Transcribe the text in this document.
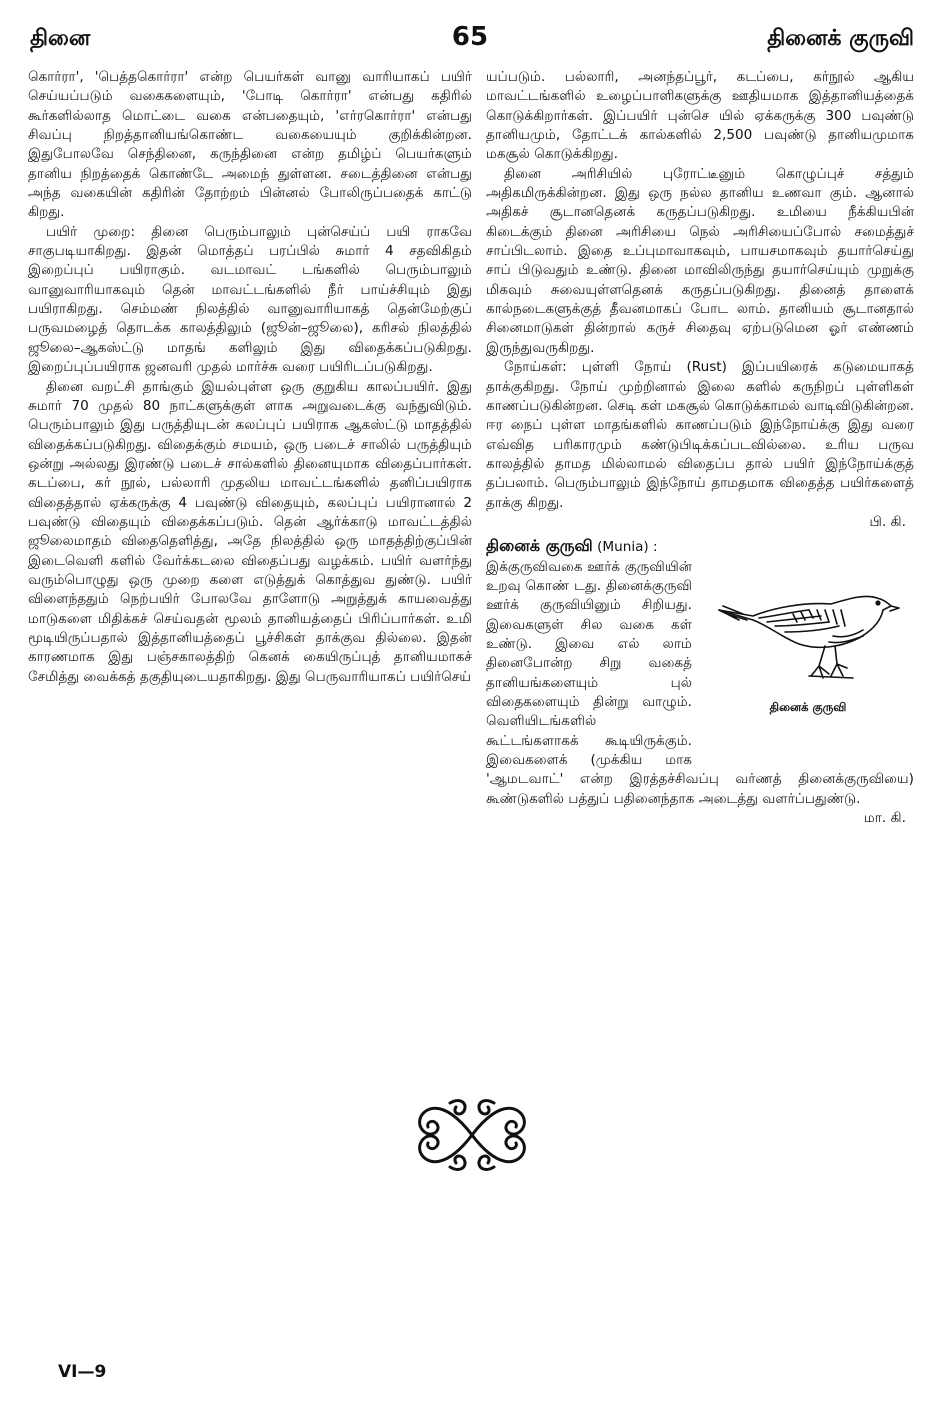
தினை	65	தினைக் குருவி

கொர்ரா', 'பெத்தகொர்ரா' என்ற பெயர்கள் வானு வாரியாகப் பயிர் செய்யப்படும் வகைகளையும், 'போடி கொர்ரா' என்பது கதிரில் கூர்களில்லாத மொட்டை வகை என்பதையும், 'எர்ரகொர்ரா' என்பது சிவப்பு நிறத்தானியங்கொண்ட வகையையும் குறிக்கின்றன. இதுபோலவே செந்தினை, கருந்தினை என்ற தமிழ்ப் பெயர்களும் தானிய நிறத்தைக் கொண்டே அமைந் துள்ளன. சடைத்தினை என்பது அந்த வகையின் கதிரின் தோற்றம் பின்னல் போலிருப்பதைக் காட்டு கிறது.

பயிர் முறை: தினை பெரும்பாலும் புன்செய்ப் பயி ராகவே சாகுபடியாகிறது. இதன் மொத்தப் பரப்பில் சுமார் 4 சதவிகிதம் இறைப்புப் பயிராகும். வடமாவட் டங்களில் பெரும்பாலும் வானுவாரியாகவும் தென் மாவட்டங்களில் நீர் பாய்ச்சியும் இது பயிராகிறது. செம்மண் நிலத்தில் வானுவாரியாகத் தென்மேற்குப் பருவமழைத் தொடக்க காலத்திலும் (ஜூன்–ஜூலை), கரிசல் நிலத்தில் ஜூலை–ஆகஸ்ட்டு மாதங் களிலும் இது விதைக்கப்படுகிறது. இறைப்புப்பயிராக ஜனவரி முதல் மார்ச்சு வரை பயிரிடப்படுகிறது.

தினை வறட்சி தாங்கும் இயல்புள்ள ஒரு குறுகிய காலப்பயிர். இது சுமார் 70 முதல் 80 நாட்களுக்குள் ளாக அறுவடைக்கு வந்துவிடும். பெரும்பாலும் இது பருத்தியுடன் கலப்புப் பயிராக ஆகஸ்ட்டு மாதத்தில் விதைக்கப்படுகிறது. விதைக்கும் சமயம், ஒரு படைச் சாலில் பருத்தியும் ஒன்று அல்லது இரண்டு படைச் சால்களில் தினையுமாக விதைப்பார்கள். கடப்பை, கர் நூல், பல்லாரி முதலிய மாவட்டங்களில் தனிப்பயிராக விதைத்தால் ஏக்கருக்கு 4 பவுண்டு விதையும், கலப்புப் பயிரானால் 2 பவுண்டு விதையும் விதைக்கப்படும். தென் ஆர்க்காடு மாவட்டத்தில் ஜூலைமாதம் விதைதெளித்து, அதே நிலத்தில் ஒரு மாதத்திற்குப்பின் இடைவெளி களில் வேர்க்கடலை விதைப்பது வழக்கம். பயிர் வளர்ந்து வரும்பொழுது ஒரு முறை களை எடுத்துக் கொத்துவ துண்டு. பயிர் விளைந்ததும் நெற்பயிர் போலவே தாளோடு அறுத்துக் காயவைத்து மாடுகளை மிதிக்கச் செய்வதன் மூலம் தானியத்தைப் பிரிப்பார்கள். உமி மூடியிருப்பதால் இத்தானியத்தைப் பூச்சிகள் தாக்குவ தில்லை. இதன் காரணமாக இது பஞ்சகாலத்திற் கெனக் கையிருப்புத் தானியமாகச் சேமித்து வைக்கத் தகுதியுடையதாகிறது. இது பெருவாரியாகப் பயிர்செய்

யப்படும். பல்லாரி, அனந்தப்பூர், கடப்பை, கர்நூல் ஆகிய மாவட்டங்களில் உழைப்பாளிகளுக்கு ஊதியமாக இத்தானியத்தைக் கொடுக்கிறார்கள். இப்பயிர் புன்செ யில் ஏக்கருக்கு 300 பவுண்டு தானியமும், தோட்டக் கால்களில் 2,500 பவுண்டு தானியமுமாக மகசூல் கொடுக்கிறது.

தினை அரிசியில் புரோட்டீனும் கொழுப்புச் சத்தும் அதிகமிருக்கின்றன. இது ஒரு நல்ல தானிய உணவா கும். ஆனால் அதிகச் சூடானதெனக் கருதப்படுகிறது. உமியை நீக்கியபின் கிடைக்கும் தினை அரிசியை நெல் அரிசியைப்போல் சமைத்துச் சாப்பிடலாம். இதை உப்புமாவாகவும், பாயசமாகவும் தயார்செய்து சாப் பிடுவதும் உண்டு. தினை மாவிலிருந்து தயார்செய்யும் முறுக்கு மிகவும் சுவையுள்ளதெனக் கருதப்படுகிறது. தினைத் தாளைக் கால்நடைகளுக்குத் தீவனமாகப் போட லாம். தானியம் சூடானதால் சினைமாடுகள் தின்றால் கருச் சிதைவு ஏற்படுமென ஓர் எண்ணம் இருந்துவருகிறது.

நோய்கள்: புள்ளி நோய் (Rust) இப்பயிரைக் கடுமையாகத் தாக்குகிறது. நோய் முற்றினால் இலை களில் கருநிறப் புள்ளிகள் காணப்படுகின்றன. செடி கள் மகசூல் கொடுக்காமல் வாடிவிடுகின்றன. ஈர நைப் புள்ள மாதங்களில் காணப்படும் இந்நோய்க்கு இது வரை எவ்வித பரிகாரமும் கண்டுபிடிக்கப்படவில்லை. உரிய பருவ காலத்தில் தாமத மில்லாமல் விதைப்ப தால் பயிர் இந்நோய்க்குத் தப்பலாம். பெரும்பாலும் இந்நோய் தாமதமாக விதைத்த பயிர்களைத் தாக்கு கிறது.
பி. கி.

தினைக் குருவி (Munia) :
தினைக் குருவி
இக்குருவிவகை ஊர்க் குருவியின் உறவு கொண் டது. தினைக்குருவி ஊர்க் குருவியினும் சிறியது. இவைகளுள் சில வகை கள் உண்டு. இவை எல் லாம் தினைபோன்ற சிறு வகைத் தானியங்களையும் புல் விதைகளையும் தின்று வாழும். வெளியிடங்களில் கூட்டங்களாகக் கூடியிருக்கும். இவைகளைக் (முக்கிய மாக 'ஆமடவாட்' என்ற இரத்தச்சிவப்பு வர்ணத் தினைக்குருவியை) கூண்டுகளில் பத்துப் பதினைந்தாக அடைத்து வளர்ப்பதுண்டு.
மா. கி.
VI—9
